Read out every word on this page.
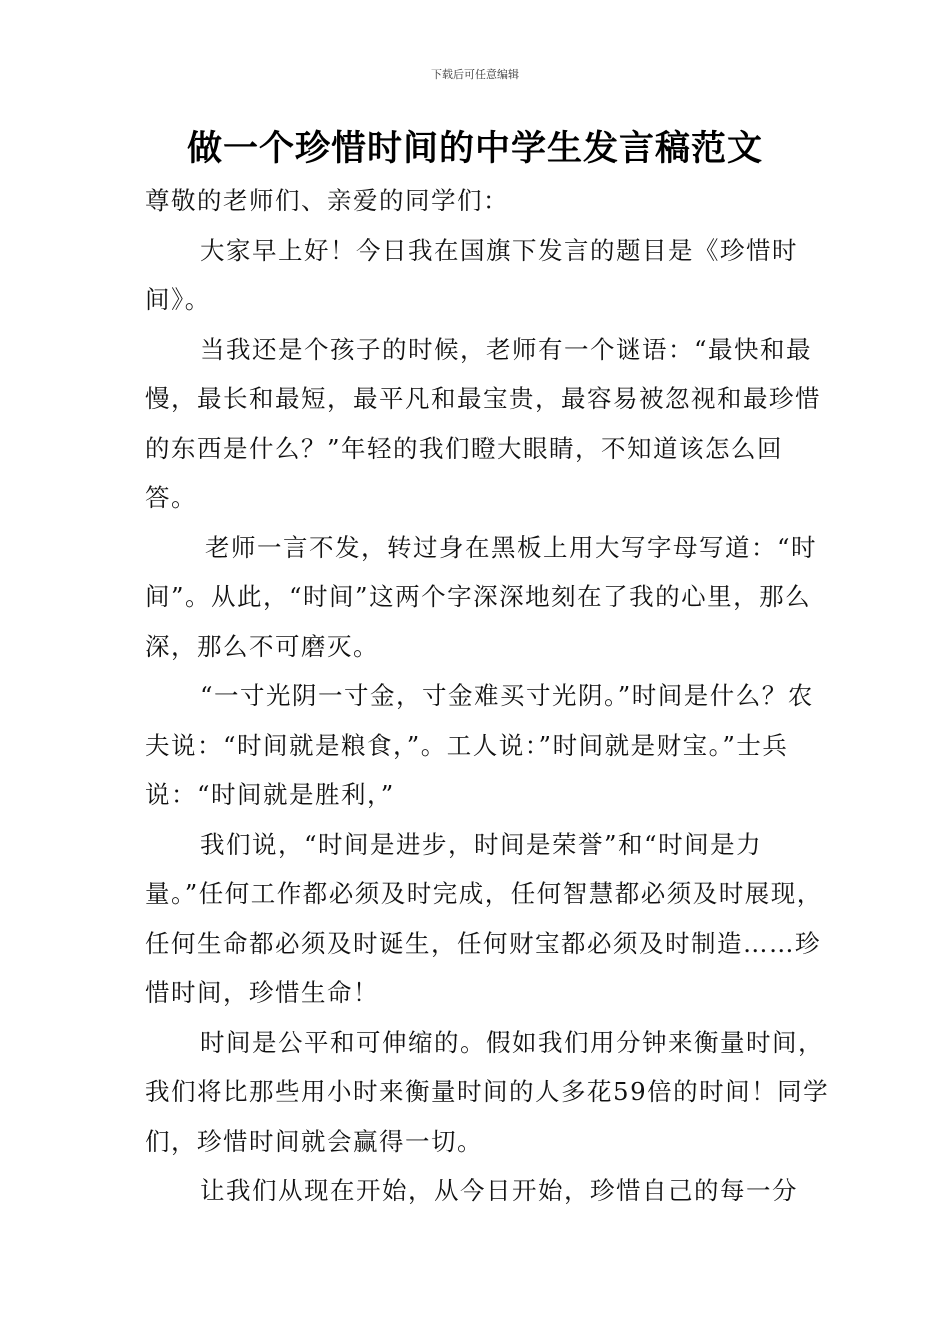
下载后可任意编辑
做一个珍惜时间的中学生发言稿范文

尊敬的老师们、亲爱的同学们：

大家早上好！今日我在国旗下发言的题目是《珍惜时间》。

当我还是个孩子的时候，老师有一个谜语：“最快和最慢，最长和最短，最平凡和最宝贵，最容易被忽视和最珍惜的东西是什么？”年轻的我们瞪大眼睛，不知道该怎么回答。

老师一言不发，转过身在黑板上用大写字母写道：“时间”。从此，“时间”这两个字深深地刻在了我的心里，那么深，那么不可磨灭。

“一寸光阴一寸金，寸金难买寸光阴。”时间是什么？农夫说：“时间就是粮食，”。工人说：”时间就是财宝。”士兵说：“时间就是胜利，”

我们说，“时间是进步，时间是荣誉”和“时间是力量。”任何工作都必须及时完成，任何智慧都必须及时展现，任何生命都必须及时诞生，任何财宝都必须及时制造……珍惜时间，珍惜生命！

时间是公平和可伸缩的。假如我们用分钟来衡量时间，我们将比那些用小时来衡量时间的人多花59倍的时间！同学们，珍惜时间就会赢得一切。

让我们从现在开始，从今日开始，珍惜自己的每一分
